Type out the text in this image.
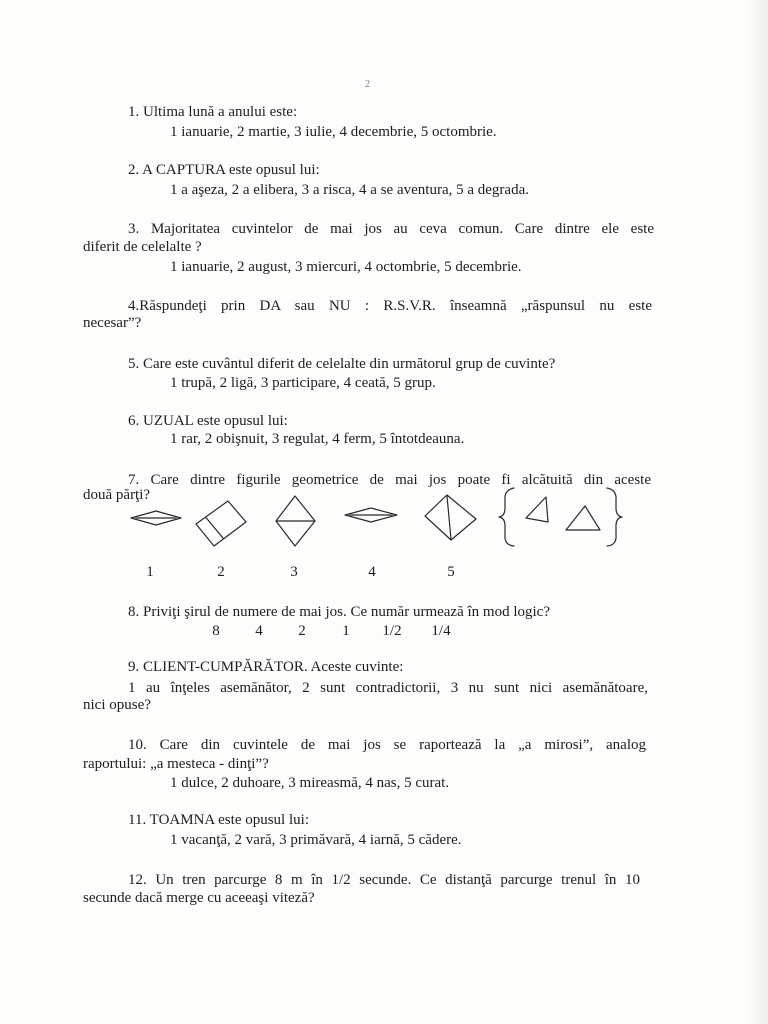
2
1. Ultima lună a anului este:
1 ianuarie, 2 martie, 3 iulie, 4 decembrie, 5 octombrie.
2. A CAPTURA este opusul lui:
1 a aşeza, 2 a elibera, 3 a risca, 4 a se aventura, 5 a degrada.
3. Majoritatea cuvintelor de mai jos au ceva comun. Care dintre ele este
diferit de celelalte ?
1 ianuarie, 2 august, 3 miercuri, 4 octombrie, 5 decembrie.
4.Răspundeţi prin DA sau NU : R.S.V.R. înseamnă „răspunsul nu este
necesar”?
5. Care este cuvântul diferit de celelalte din următorul grup de cuvinte?
1 trupă, 2 ligă, 3 participare, 4 ceată, 5 grup.
6. UZUAL este opusul lui:
1 rar, 2 obişnuit, 3 regulat, 4 ferm, 5 întotdeauna.
7. Care dintre figurile geometrice de mai jos poate fi alcătuită din aceste
două părţi?
1	2	3	4	5
8. Priviţi şirul de numere de mai jos. Ce număr urmează în mod logic?
8 4 2 1 1/2 1/4
9. CLIENT-CUMPĂRĂTOR. Aceste cuvinte:
1 au înţeles asemănător, 2 sunt contradictorii, 3 nu sunt nici asemănătoare,
nici opuse?
10. Care din cuvintele de mai jos se raportează la „a mirosi”, analog
raportului: „a mesteca - dinţi”?
1 dulce, 2 duhoare, 3 mireasmă, 4 nas, 5 curat.
11. TOAMNA este opusul lui:
1 vacanţă, 2 vară, 3 primăvară, 4 iarnă, 5 cădere.
12. Un tren parcurge 8 m în 1/2 secunde. Ce distanţă parcurge trenul în 10
secunde dacă merge cu aceeaşi viteză?
